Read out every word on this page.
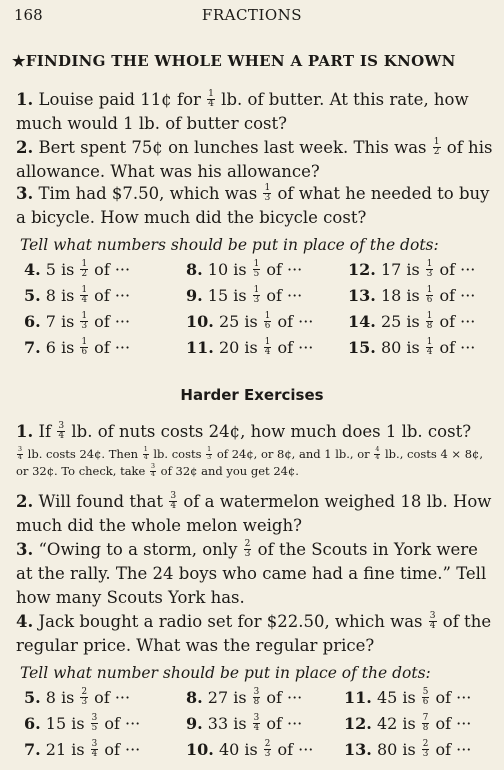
168	FRACTIONS
★FINDING THE WHOLE WHEN A PART IS KNOWN
1. Louise paid 11¢ for $\frac{1}{4}$ lb. of butter. At this rate, how much would 1 lb. of butter cost?
2. Bert spent 75¢ on lunches last week. This was $\frac{1}{2}$ of his allowance. What was his allowance?
3. Tim had $7.50, which was $\frac{1}{3}$ of what he needed to buy a bicycle. How much did the bicycle cost?
Tell what numbers should be put in place of the dots:
4. 5 is $\frac{1}{2}$ of ···	8. 10 is $\frac{1}{5}$ of ···	12. 17 is $\frac{1}{3}$ of ···
5. 8 is $\frac{1}{4}$ of ···	9. 15 is $\frac{1}{3}$ of ···	13. 18 is $\frac{1}{6}$ of ···
6. 7 is $\frac{1}{3}$ of ···	10. 25 is $\frac{1}{6}$ of ··· 14. 25 is $\frac{1}{8}$ of ···
7. 6 is $\frac{1}{6}$ of ···	11. 20 is $\frac{1}{4}$ of ··· 15. 80 is $\frac{1}{4}$ of ···
Harder Exercises
1. If $\frac{3}{4}$ lb. of nuts costs 24¢, how much does 1 lb. cost?
$\frac{3}{4}$ lb. costs 24¢. Then $\frac{1}{4}$ lb. costs $\frac{1}{3}$ of 24¢, or 8¢, and 1 lb., or $\frac{4}{4}$ lb., costs 4 × 8¢, or 32¢. To check, take $\frac{3}{4}$ of 32¢ and you get 24¢.
2. Will found that $\frac{3}{4}$ of a watermelon weighed 18 lb. How much did the whole melon weigh?
3. “Owing to a storm, only $\frac{2}{3}$ of the Scouts in York were at the rally. The 24 boys who came had a fine time.” Tell how many Scouts York has.
4. Jack bought a radio set for $22.50, which was $\frac{3}{4}$ of the regular price. What was the regular price?
Tell what number should be put in place of the dots:
5. 8 is $\frac{2}{3}$ of ···	8. 27 is $\frac{3}{8}$ of ···	11. 45 is $\frac{5}{6}$ of ···
6. 15 is $\frac{3}{5}$ of ···	9. 33 is $\frac{3}{4}$ of ···	12. 42 is $\frac{7}{8}$ of ···
7. 21 is $\frac{3}{4}$ of ···	10. 40 is $\frac{2}{3}$ of ··· 13. 80 is $\frac{2}{3}$ of ···
